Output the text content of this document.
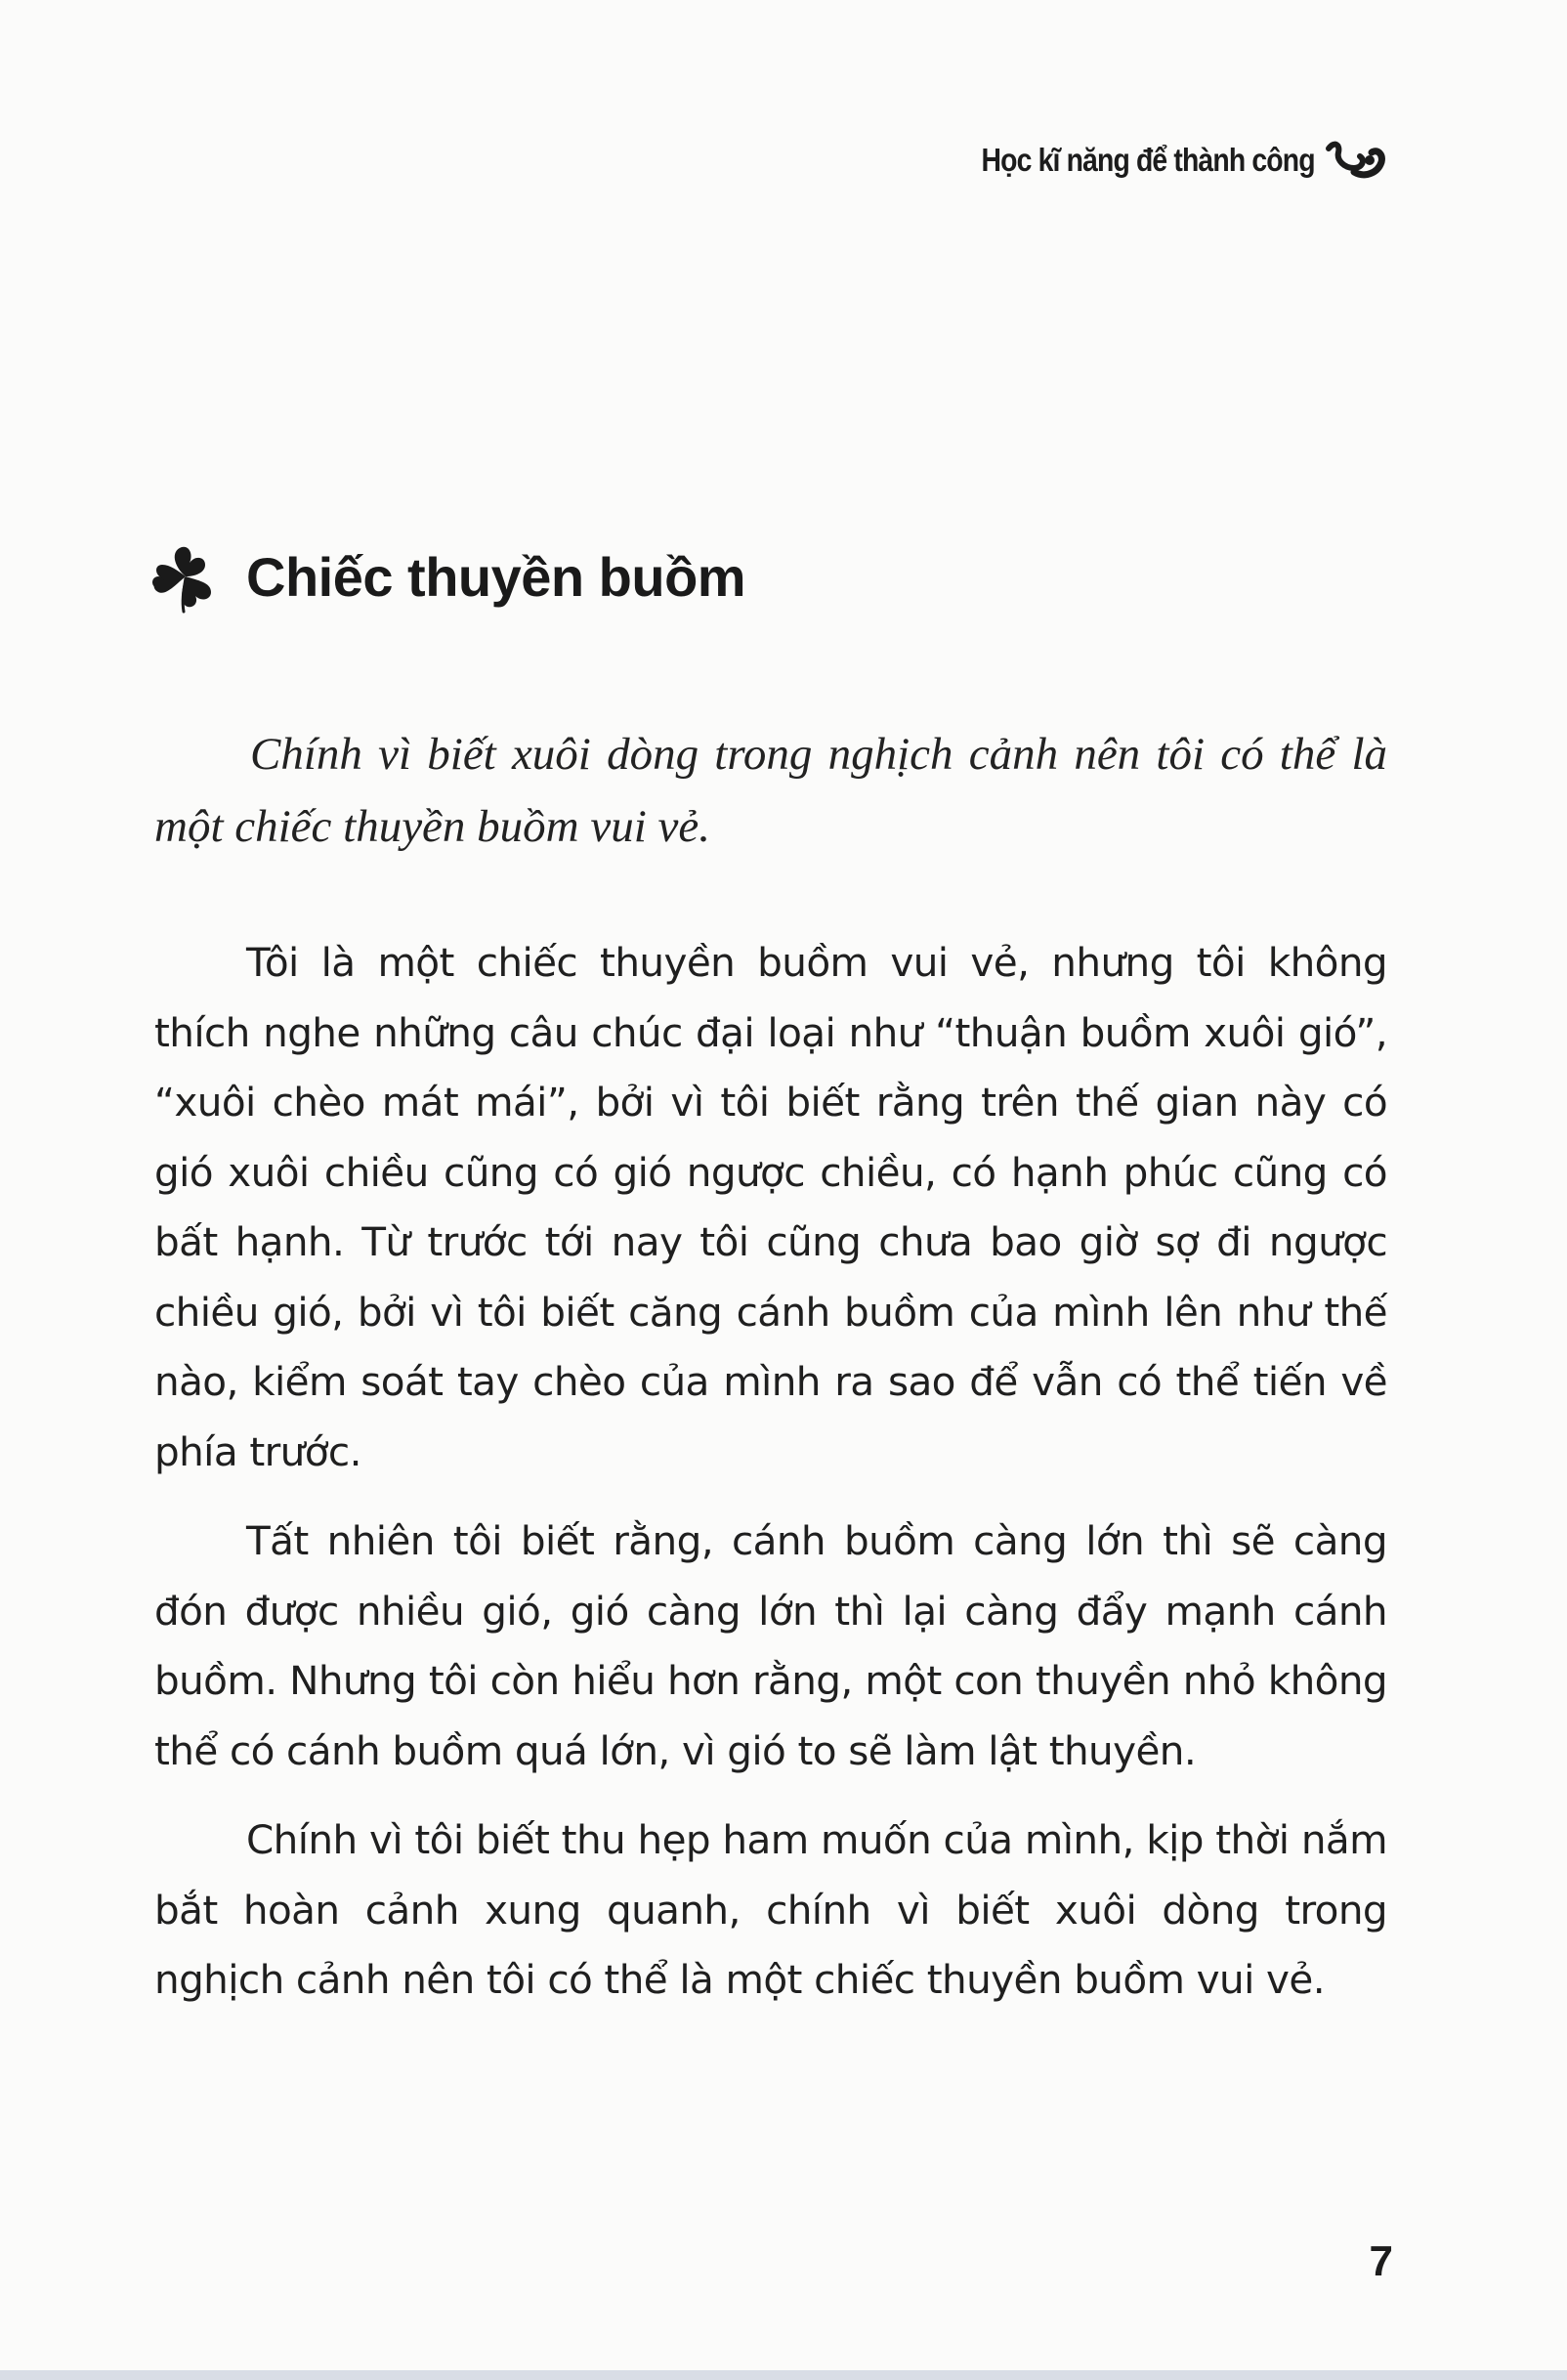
Học kĩ năng để thành công
Chiếc thuyền buồm

Chính vì biết xuôi dòng trong nghịch cảnh nên tôi có thể là một chiếc thuyền buồm vui vẻ.

Tôi là một chiếc thuyền buồm vui vẻ, nhưng tôi không thích nghe những câu chúc đại loại như “thuận buồm xuôi gió”, “xuôi chèo mát mái”, bởi vì tôi biết rằng trên thế gian này có gió xuôi chiều cũng có gió ngược chiều, có hạnh phúc cũng có bất hạnh. Từ trước tới nay tôi cũng chưa bao giờ sợ đi ngược chiều gió, bởi vì tôi biết căng cánh buồm của mình lên như thế nào, kiểm soát tay chèo của mình ra sao để vẫn có thể tiến về phía trước.

Tất nhiên tôi biết rằng, cánh buồm càng lớn thì sẽ càng đón được nhiều gió, gió càng lớn thì lại càng đẩy mạnh cánh buồm. Nhưng tôi còn hiểu hơn rằng, một con thuyền nhỏ không thể có cánh buồm quá lớn, vì gió to sẽ làm lật thuyền.

Chính vì tôi biết thu hẹp ham muốn của mình, kịp thời nắm bắt hoàn cảnh xung quanh, chính vì biết xuôi dòng trong nghịch cảnh nên tôi có thể là một chiếc thuyền buồm vui vẻ.

7
